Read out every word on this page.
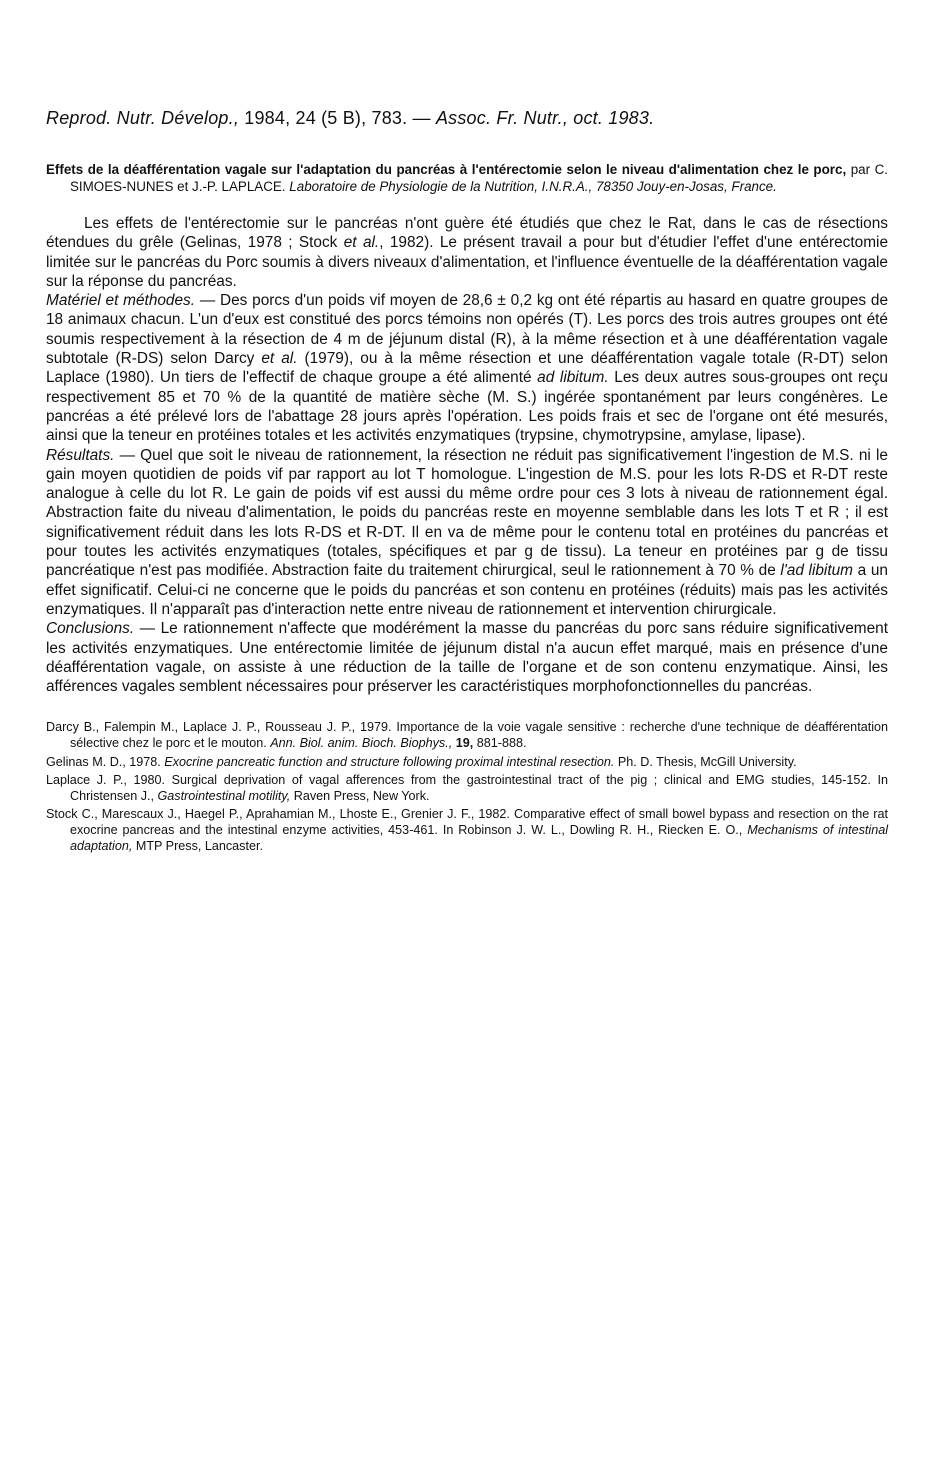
Reprod. Nutr. Dévelop., 1984, 24 (5 B), 783. — Assoc. Fr. Nutr., oct. 1983.
Effets de la déafférentation vagale sur l'adaptation du pancréas à l'entérectomie selon le niveau d'alimentation chez le porc, par C. SIMOES-NUNES et J.-P. LAPLACE. Laboratoire de Physiologie de la Nutrition, I.N.R.A., 78350 Jouy-en-Josas, France.

Les effets de l'entérectomie sur le pancréas n'ont guère été étudiés que chez le Rat, dans le cas de résections étendues du grêle (Gelinas, 1978 ; Stock et al., 1982). Le présent travail a pour but d'étudier l'effet d'une entérectomie limitée sur le pancréas du Porc soumis à divers niveaux d'alimentation, et l'influence éventuelle de la déafférentation vagale sur la réponse du pancréas.

Matériel et méthodes. — Des porcs d'un poids vif moyen de 28,6 ± 0,2 kg ont été répartis au hasard en quatre groupes de 18 animaux chacun. L'un d'eux est constitué des porcs témoins non opérés (T). Les porcs des trois autres groupes ont été soumis respectivement à la résection de 4 m de jéjunum distal (R), à la même résection et à une déafférentation vagale subtotale (R-DS) selon Darcy et al. (1979), ou à la même résection et une déafférentation vagale totale (R-DT) selon Laplace (1980). Un tiers de l'effectif de chaque groupe a été alimenté ad libitum. Les deux autres sous-groupes ont reçu respectivement 85 et 70 % de la quantité de matière sèche (M. S.) ingérée spontanément par leurs congénères. Le pancréas a été prélevé lors de l'abattage 28 jours après l'opération. Les poids frais et sec de l'organe ont été mesurés, ainsi que la teneur en protéines totales et les activités enzymatiques (trypsine, chymotrypsine, amylase, lipase).

Résultats. — Quel que soit le niveau de rationnement, la résection ne réduit pas significativement l'ingestion de M.S. ni le gain moyen quotidien de poids vif par rapport au lot T homologue. L'ingestion de M.S. pour les lots R-DS et R-DT reste analogue à celle du lot R. Le gain de poids vif est aussi du même ordre pour ces 3 lots à niveau de rationnement égal. Abstraction faite du niveau d'alimentation, le poids du pancréas reste en moyenne semblable dans les lots T et R ; il est significativement réduit dans les lots R-DS et R-DT. Il en va de même pour le contenu total en protéines du pancréas et pour toutes les activités enzymatiques (totales, spécifiques et par g de tissu). La teneur en protéines par g de tissu pancréatique n'est pas modifiée. Abstraction faite du traitement chirurgical, seul le rationnement à 70 % de l'ad libitum a un effet significatif. Celui-ci ne concerne que le poids du pancréas et son contenu en protéines (réduits) mais pas les activités enzymatiques. Il n'apparaît pas d'interaction nette entre niveau de rationnement et intervention chirurgicale.

Conclusions. — Le rationnement n'affecte que modérément la masse du pancréas du porc sans réduire significativement les activités enzymatiques. Une entérectomie limitée de jéjunum distal n'a aucun effet marqué, mais en présence d'une déafférentation vagale, on assiste à une réduction de la taille de l'organe et de son contenu enzymatique. Ainsi, les afférences vagales semblent nécessaires pour préserver les caractéristiques morphofonctionnelles du pancréas.

Darcy B., Falempin M., Laplace J. P., Rousseau J. P., 1979. Importance de la voie vagale sensitive : recherche d'une technique de déafférentation sélective chez le porc et le mouton. Ann. Biol. anim. Bioch. Biophys., 19, 881-888.

Gelinas M. D., 1978. Exocrine pancreatic function and structure following proximal intestinal resection. Ph. D. Thesis, McGill University.

Laplace J. P., 1980. Surgical deprivation of vagal afferences from the gastrointestinal tract of the pig ; clinical and EMG studies, 145-152. In Christensen J., Gastrointestinal motility, Raven Press, New York.

Stock C., Marescaux J., Haegel P., Aprahamian M., Lhoste E., Grenier J. F., 1982. Comparative effect of small bowel bypass and resection on the rat exocrine pancreas and the intestinal enzyme activities, 453-461. In Robinson J. W. L., Dowling R. H., Riecken E. O., Mechanisms of intestinal adaptation, MTP Press, Lancaster.
